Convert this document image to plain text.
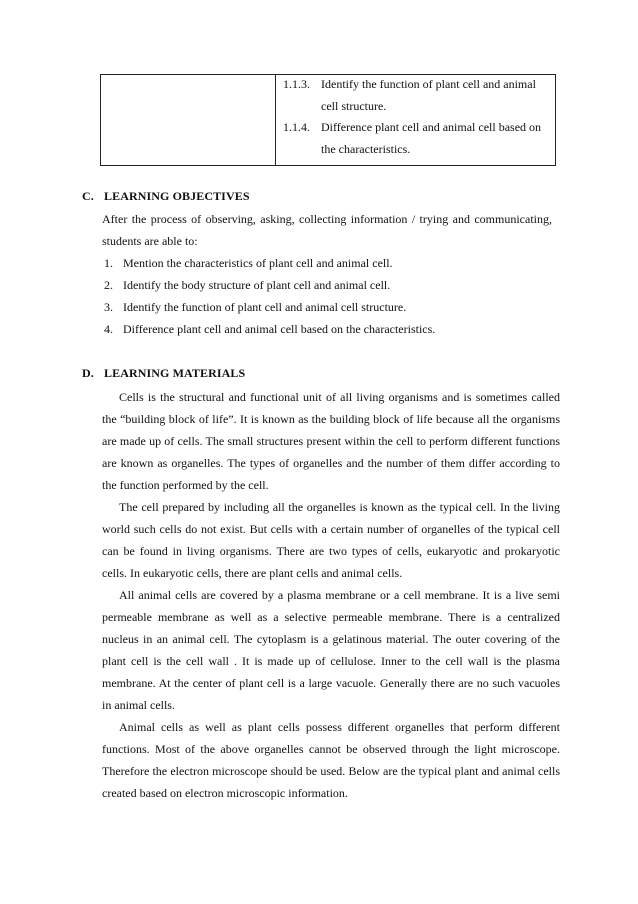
1.1.3. Identify the function of plant cell and animal cell structure.
1.1.4. Difference plant cell and animal cell based on the characteristics.
C. LEARNING OBJECTIVES
After the process of observing, asking, collecting information / trying and communicating, students are able to:
1. Mention the characteristics of plant cell and animal cell.
2. Identify the body structure of plant cell and animal cell.
3. Identify the function of plant cell and animal cell structure.
4. Difference plant cell and animal cell based on the characteristics.
D. LEARNING MATERIALS
Cells is the structural and functional unit of all living organisms and is sometimes called the “building block of life”. It is known as the building block of life because all the organisms are made up of cells. The small structures present within the cell to perform different functions are known as organelles. The types of organelles and the number of them differ according to the function performed by the cell.
The cell prepared by including all the organelles is known as the typical cell. In the living world such cells do not exist. But cells with a certain number of organelles of the typical cell can be found in living organisms. There are two types of cells, eukaryotic and prokaryotic cells. In eukaryotic cells, there are plant cells and animal cells.
All animal cells are covered by a plasma membrane or a cell membrane. It is a live semi permeable membrane as well as a selective permeable membrane. There is a centralized nucleus in an animal cell. The cytoplasm is a gelatinous material. The outer covering of the plant cell is the cell wall . It is made up of cellulose. Inner to the cell wall is the plasma membrane. At the center of plant cell is a large vacuole. Generally there are no such vacuoles in animal cells.
Animal cells as well as plant cells possess different organelles that perform different functions. Most of the above organelles cannot be observed through the light microscope. Therefore the electron microscope should be used. Below are the typical plant and animal cells created based on electron microscopic information.
